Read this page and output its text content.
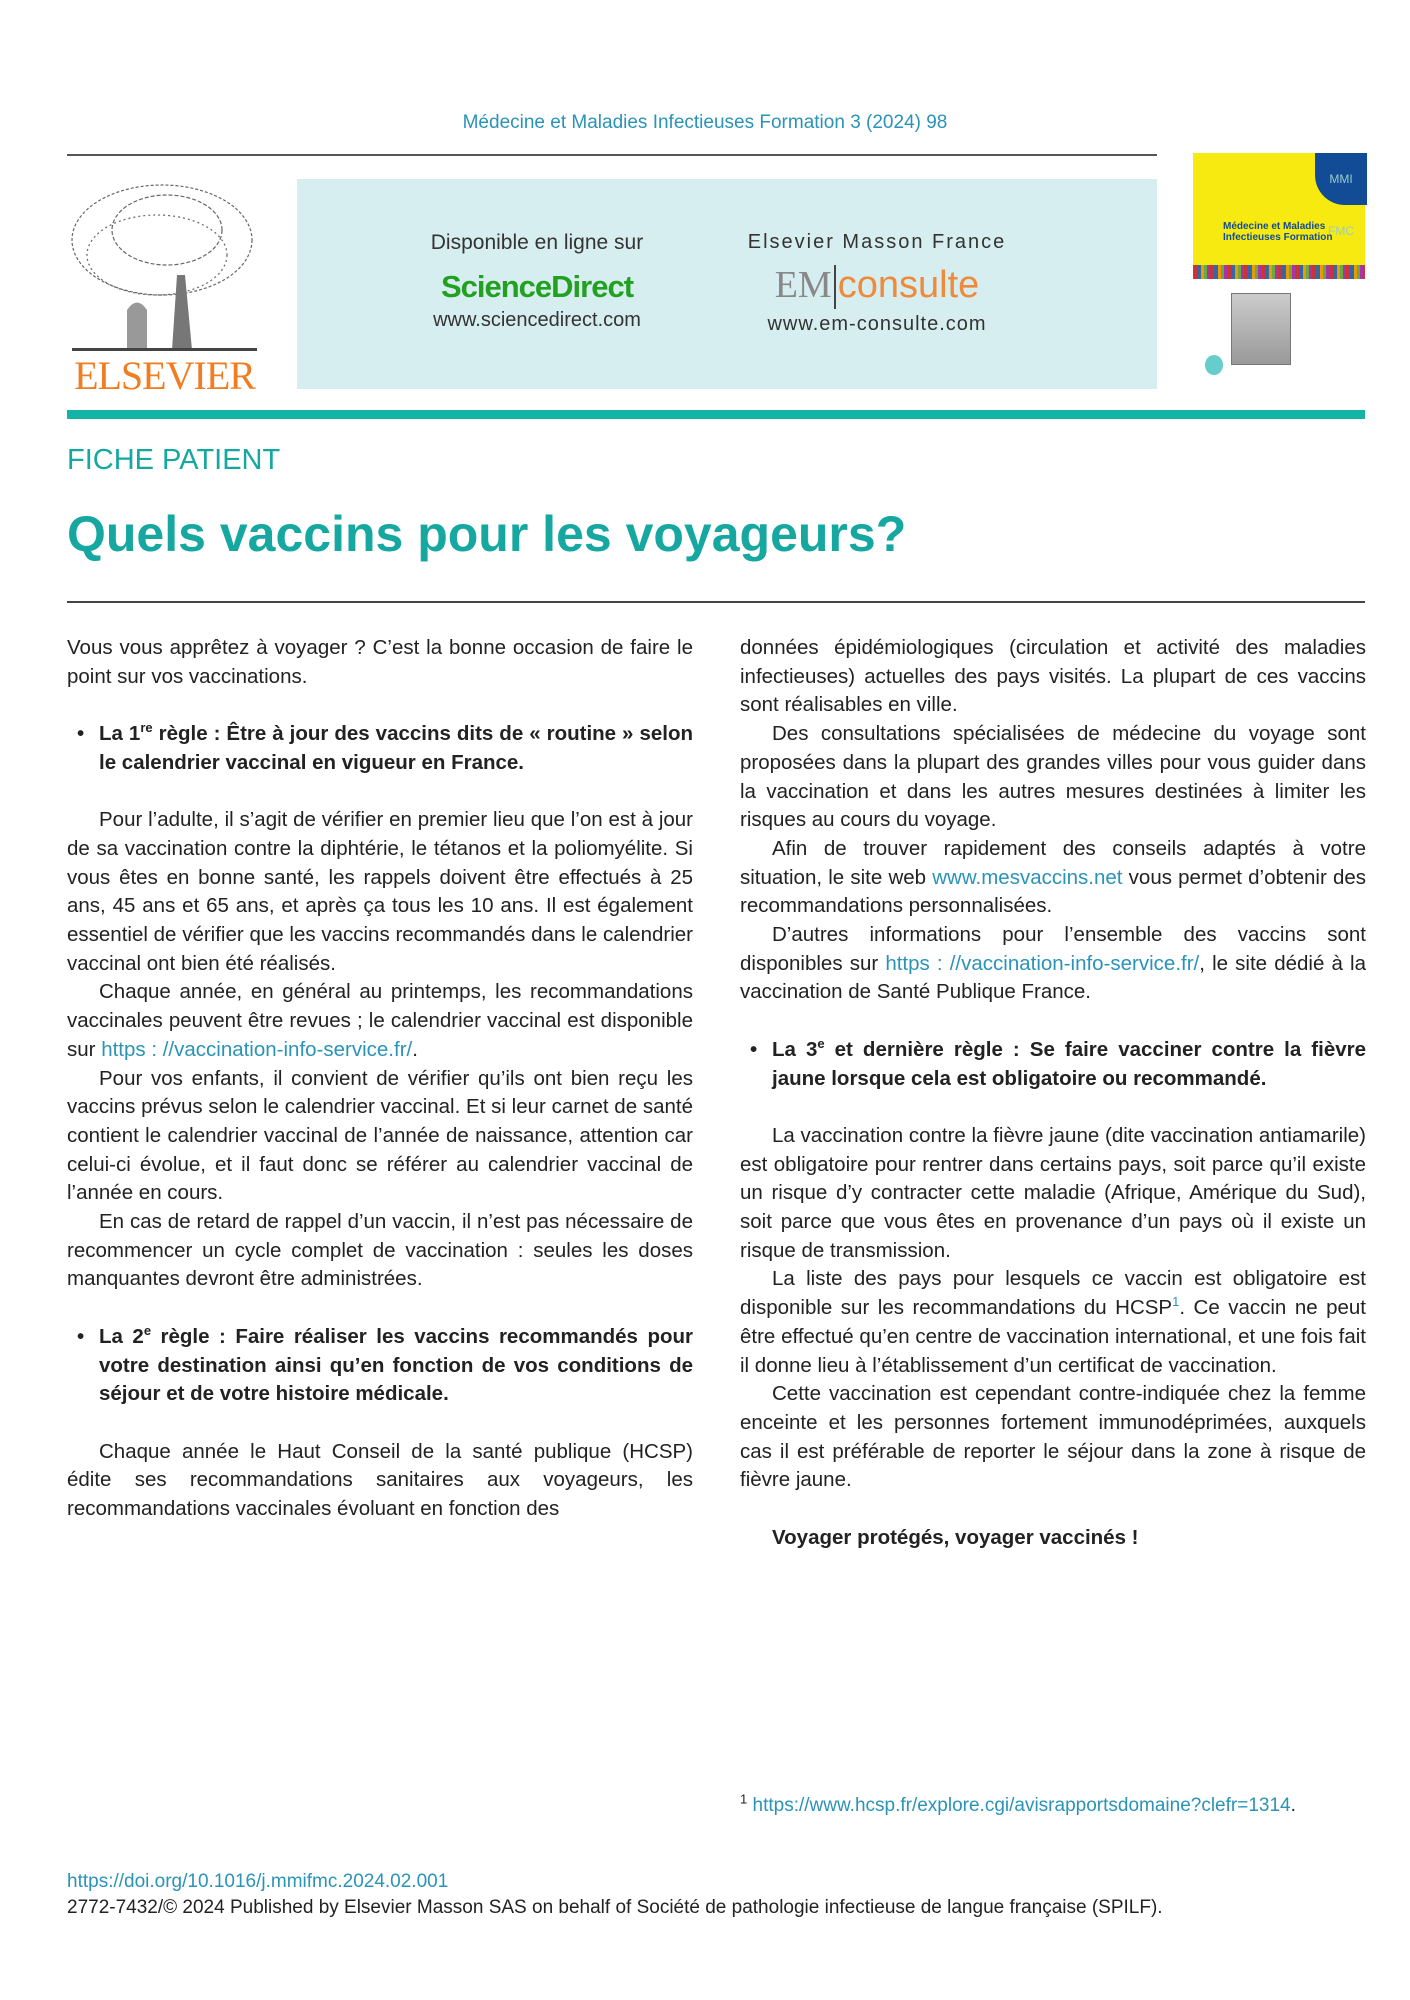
Médecine et Maladies Infectieuses Formation 3 (2024) 98
ELSEVIER
Disponible en ligne sur
ScienceDirect
www.sciencedirect.com
Elsevier Masson France
EM consulte
www.em-consulte.com
MMI FMC
Médecine et Maladies Infectieuses Formation
FICHE PATIENT
Quels vaccins pour les voyageurs?

Vous vous apprêtez à voyager ? C’est la bonne occasion de faire le point sur vos vaccinations.

• La 1re règle : Être à jour des vaccins dits de « routine » selon le calendrier vaccinal en vigueur en France.

Pour l’adulte, il s’agit de vérifier en premier lieu que l’on est à jour de sa vaccination contre la diphtérie, le tétanos et la poliomyélite. Si vous êtes en bonne santé, les rappels doivent être effectués à 25 ans, 45 ans et 65 ans, et après ça tous les 10 ans. Il est également essentiel de vérifier que les vaccins recommandés dans le calendrier vaccinal ont bien été réalisés.

Chaque année, en général au printemps, les recommandations vaccinales peuvent être revues ; le calendrier vaccinal est disponible sur https : //vaccination-info-service.fr/.

Pour vos enfants, il convient de vérifier qu’ils ont bien reçu les vaccins prévus selon le calendrier vaccinal. Et si leur carnet de santé contient le calendrier vaccinal de l’année de naissance, attention car celui-ci évolue, et il faut donc se référer au calendrier vaccinal de l’année en cours.

En cas de retard de rappel d’un vaccin, il n’est pas nécessaire de recommencer un cycle complet de vaccination : seules les doses manquantes devront être administrées.

• La 2e règle : Faire réaliser les vaccins recommandés pour votre destination ainsi qu’en fonction de vos conditions de séjour et de votre histoire médicale.

Chaque année le Haut Conseil de la santé publique (HCSP) édite ses recommandations sanitaires aux voyageurs, les recommandations vaccinales évoluant en fonction des

données épidémiologiques (circulation et activité des maladies infectieuses) actuelles des pays visités. La plupart de ces vaccins sont réalisables en ville.

Des consultations spécialisées de médecine du voyage sont proposées dans la plupart des grandes villes pour vous guider dans la vaccination et dans les autres mesures destinées à limiter les risques au cours du voyage.

Afin de trouver rapidement des conseils adaptés à votre situation, le site web www.mesvaccins.net vous permet d’obtenir des recommandations personnalisées.

D’autres informations pour l’ensemble des vaccins sont disponibles sur https : //vaccination-info-service.fr/, le site dédié à la vaccination de Santé Publique France.

• La 3e et dernière règle : Se faire vacciner contre la fièvre jaune lorsque cela est obligatoire ou recommandé.

La vaccination contre la fièvre jaune (dite vaccination antiamarile) est obligatoire pour rentrer dans certains pays, soit parce qu’il existe un risque d’y contracter cette maladie (Afrique, Amérique du Sud), soit parce que vous êtes en provenance d’un pays où il existe un risque de transmission.

La liste des pays pour lesquels ce vaccin est obligatoire est disponible sur les recommandations du HCSP$^1$. Ce vaccin ne peut être effectué qu’en centre de vaccination international, et une fois fait il donne lieu à l’établissement d’un certificat de vaccination.

Cette vaccination est cependant contre-indiquée chez la femme enceinte et les personnes fortement immunodéprimées, auxquels cas il est préférable de reporter le séjour dans la zone à risque de fièvre jaune.

Voyager protégés, voyager vaccinés !

$^1$ https://www.hcsp.fr/explore.cgi/avisrapportsdomaine?clefr=1314.
https://doi.org/10.1016/j.mmifmc.2024.02.001
2772-7432/© 2024 Published by Elsevier Masson SAS on behalf of Société de pathologie infectieuse de langue française (SPILF).
